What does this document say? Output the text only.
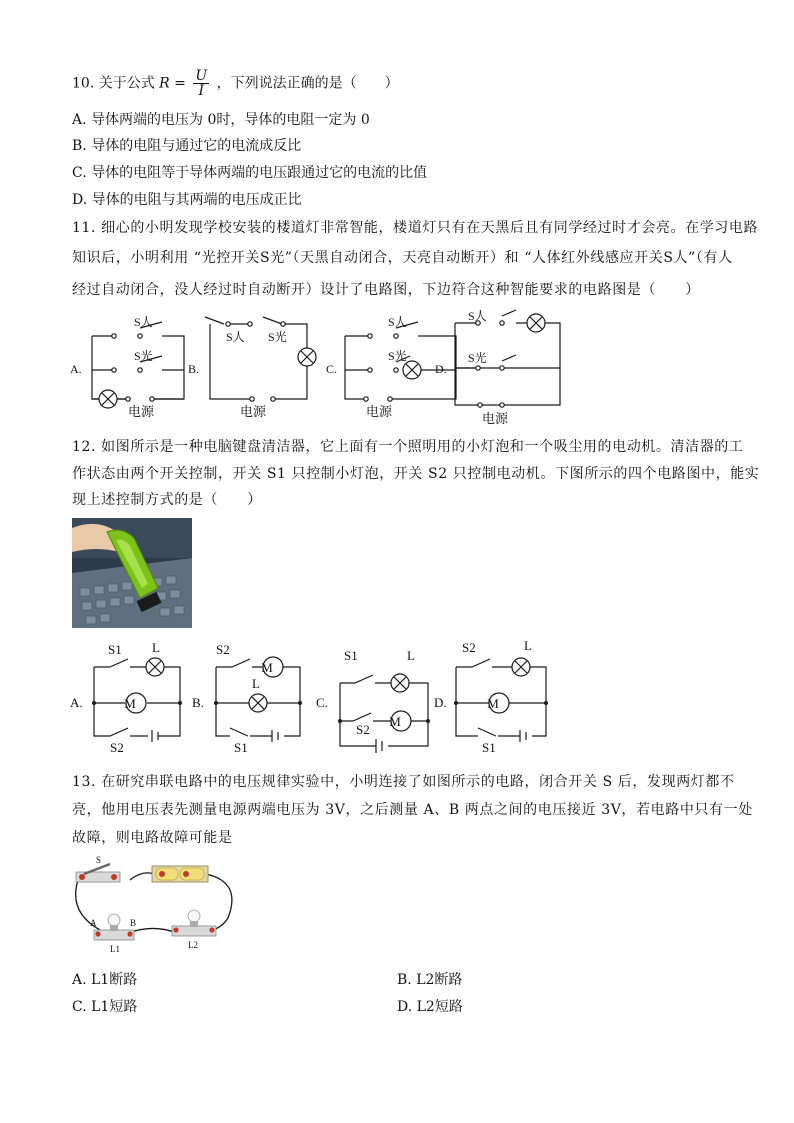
10. 关于公式 $R = \frac{U}{I}$ ，下列说法正确的是（　　）
A. 导体两端的电压为 0时，导体的电阻一定为 0
B. 导体的电阻与通过它的电流成反比
C. 导体的电阻等于导体两端的电压跟通过它的电流的比值
D. 导体的电阻与其两端的电压成正比
11. 细心的小明发现学校安装的楼道灯非常智能，楼道灯只有在天黑后且有同学经过时才会亮。在学习电路
知识后，小明利用 “光控开关S光”（天黑自动闭合，天亮自动断开）和 “人体红外线感应开关S人”（有人
经过自动闭合，没人经过时自动断开）设计了电路图，下边符合这种智能要求的电路图是（　　）
A.	B.	C.	D.
S人
S光
S人 S光
S人
S光
S人
S光
电源	电源	电源	电源
12. 如图所示是一种电脑键盘清洁器，它上面有一个照明用的小灯泡和一个吸尘用的电动机。清洁器的工
作状态由两个开关控制，开关 S1 只控制小灯泡，开关 S2 只控制电动机。下图所示的四个电路图中，能实
现上述控制方式的是（　　）
M
M
M
M
A.	B.	C.	D.
S1 L
S2
S2
L
S1
S1	L
S2
S2	L
S1
13. 在研究串联电路中的电压规律实验中，小明连接了如图所示的电路，闭合开关 S 后，发现两灯都不
亮，他用电压表先测量电源两端电压为 3V，之后测量 A、B 两点之间的电压接近 3V，若电路中只有一处
故障，则电路故障可能是
S
A	B
L1	L2
A. L1断路	B. L2断路
C. L1短路	D. L2短路
